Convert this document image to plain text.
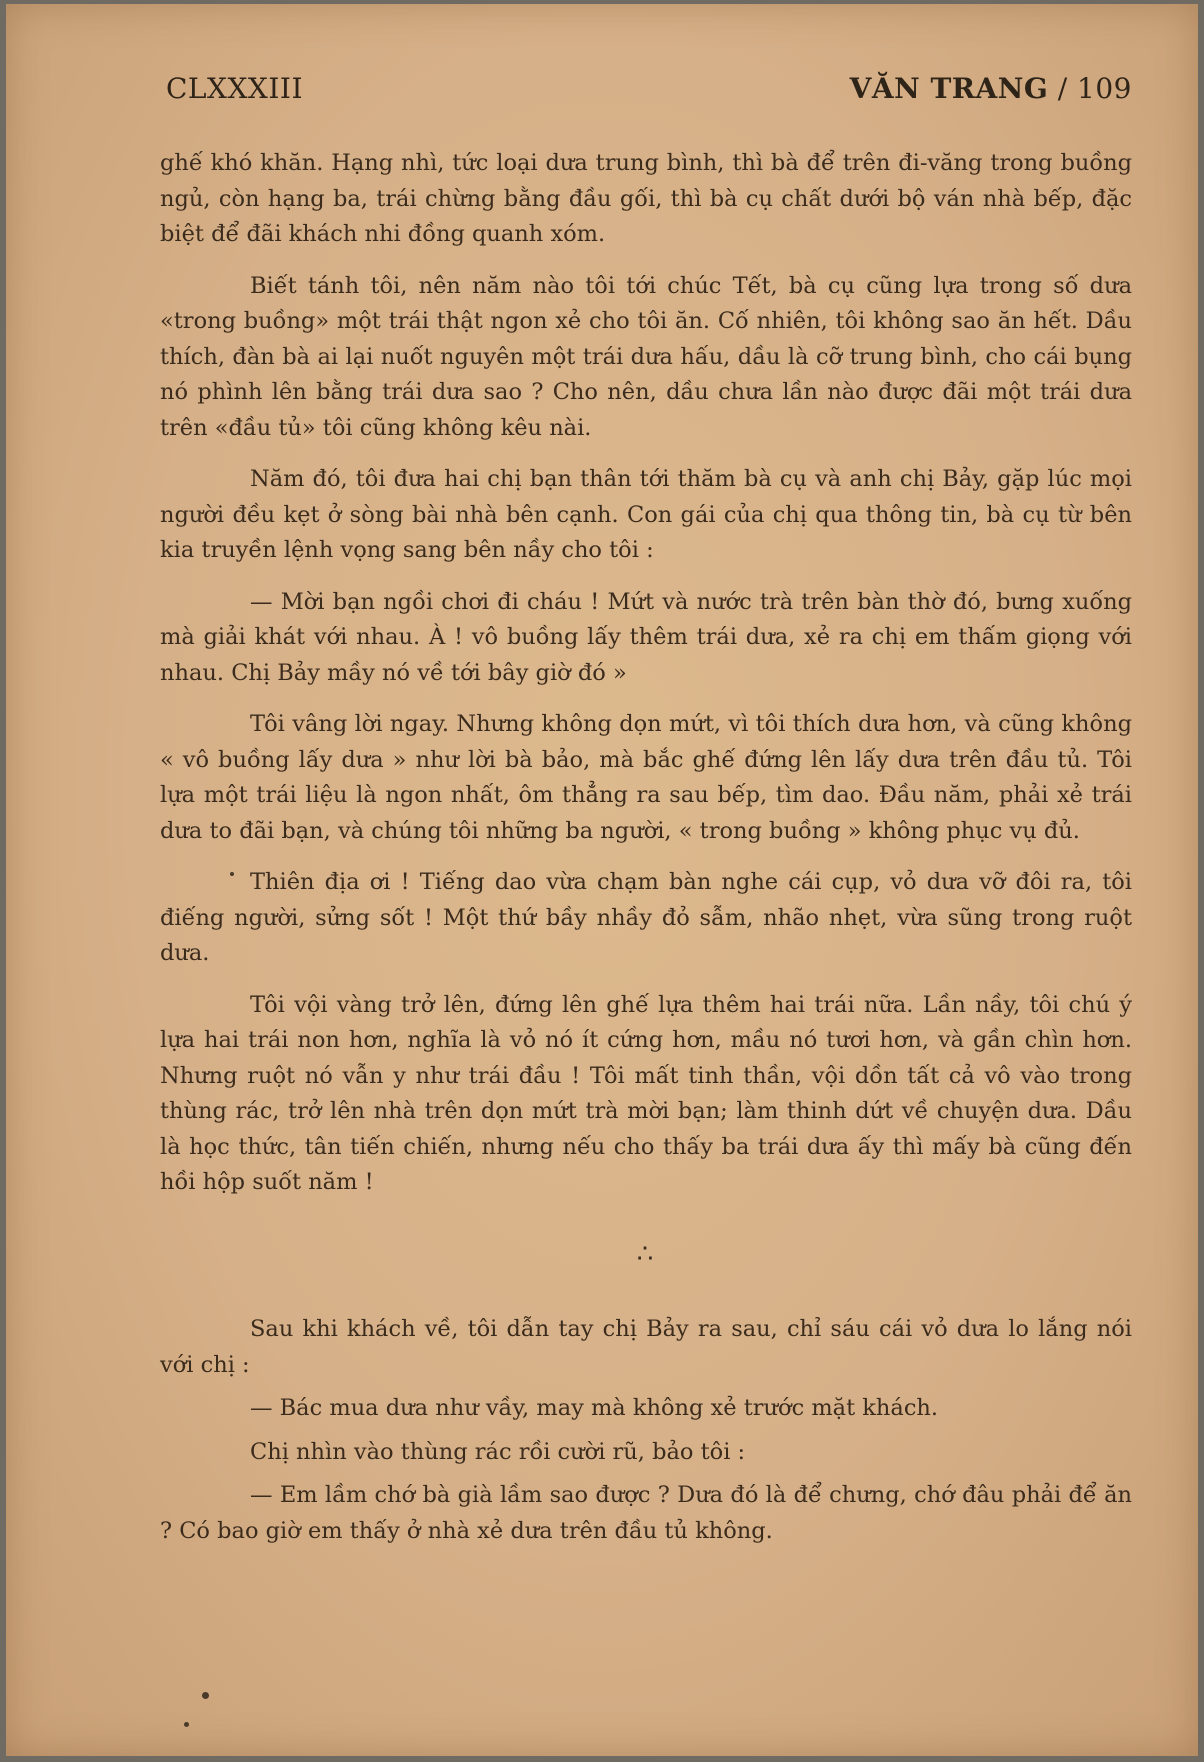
CLXXXIII	VĂN TRANG / 109

ghế khó khăn. Hạng nhì, tức loại dưa trung bình, thì bà để trên đi-văng trong buồng ngủ, còn hạng ba, trái chừng bằng đầu gối, thì bà cụ chất dưới bộ ván nhà bếp, đặc biệt để đãi khách nhi đồng quanh xóm.

Biết tánh tôi, nên năm nào tôi tới chúc Tết, bà cụ cũng lựa trong số dưa «trong buồng» một trái thật ngon xẻ cho tôi ăn. Cố nhiên, tôi không sao ăn hết. Dầu thích, đàn bà ai lại nuốt nguyên một trái dưa hấu, dầu là cỡ trung bình, cho cái bụng nó phình lên bằng trái dưa sao ? Cho nên, dầu chưa lần nào được đãi một trái dưa trên «đầu tủ» tôi cũng không kêu nài.

Năm đó, tôi đưa hai chị bạn thân tới thăm bà cụ và anh chị Bảy, gặp lúc mọi người đều kẹt ở sòng bài nhà bên cạnh. Con gái của chị qua thông tin, bà cụ từ bên kia truyền lệnh vọng sang bên nầy cho tôi :

— Mời bạn ngồi chơi đi cháu ! Mứt và nước trà trên bàn thờ đó, bưng xuống mà giải khát với nhau. À ! vô buồng lấy thêm trái dưa, xẻ ra chị em thấm giọng với nhau. Chị Bảy mầy nó về tới bây giờ đó »

Tôi vâng lời ngay. Nhưng không dọn mứt, vì tôi thích dưa hơn, và cũng không « vô buồng lấy dưa » như lời bà bảo, mà bắc ghế đứng lên lấy dưa trên đầu tủ. Tôi lựa một trái liệu là ngon nhất, ôm thẳng ra sau bếp, tìm dao. Đầu năm, phải xẻ trái dưa to đãi bạn, và chúng tôi những ba người, « trong buồng » không phục vụ đủ.

Thiên địa ơi ! Tiếng dao vừa chạm bàn nghe cái cụp, vỏ dưa vỡ đôi ra, tôi điếng người, sửng sốt ! Một thứ bầy nhầy đỏ sẫm, nhão nhẹt, vừa sũng trong ruột dưa.

Tôi vội vàng trở lên, đứng lên ghế lựa thêm hai trái nữa. Lần nầy, tôi chú ý lựa hai trái non hơn, nghĩa là vỏ nó ít cứng hơn, mầu nó tươi hơn, và gần chìn hơn. Nhưng ruột nó vẫn y như trái đầu ! Tôi mất tinh thần, vội dồn tất cả vô vào trong thùng rác, trở lên nhà trên dọn mứt trà mời bạn; làm thinh dứt về chuyện dưa. Dầu là học thức, tân tiến chiến, nhưng nếu cho thấy ba trái dưa ấy thì mấy bà cũng đến hồi hộp suốt năm !

∴

Sau khi khách về, tôi dẫn tay chị Bảy ra sau, chỉ sáu cái vỏ dưa lo lắng nói với chị :

— Bác mua dưa như vầy, may mà không xẻ trước mặt khách.

Chị nhìn vào thùng rác rồi cười rũ, bảo tôi :

— Em lầm chớ bà già lầm sao được ? Dưa đó là để chưng, chớ đâu phải để ăn ? Có bao giờ em thấy ở nhà xẻ dưa trên đầu tủ không.
